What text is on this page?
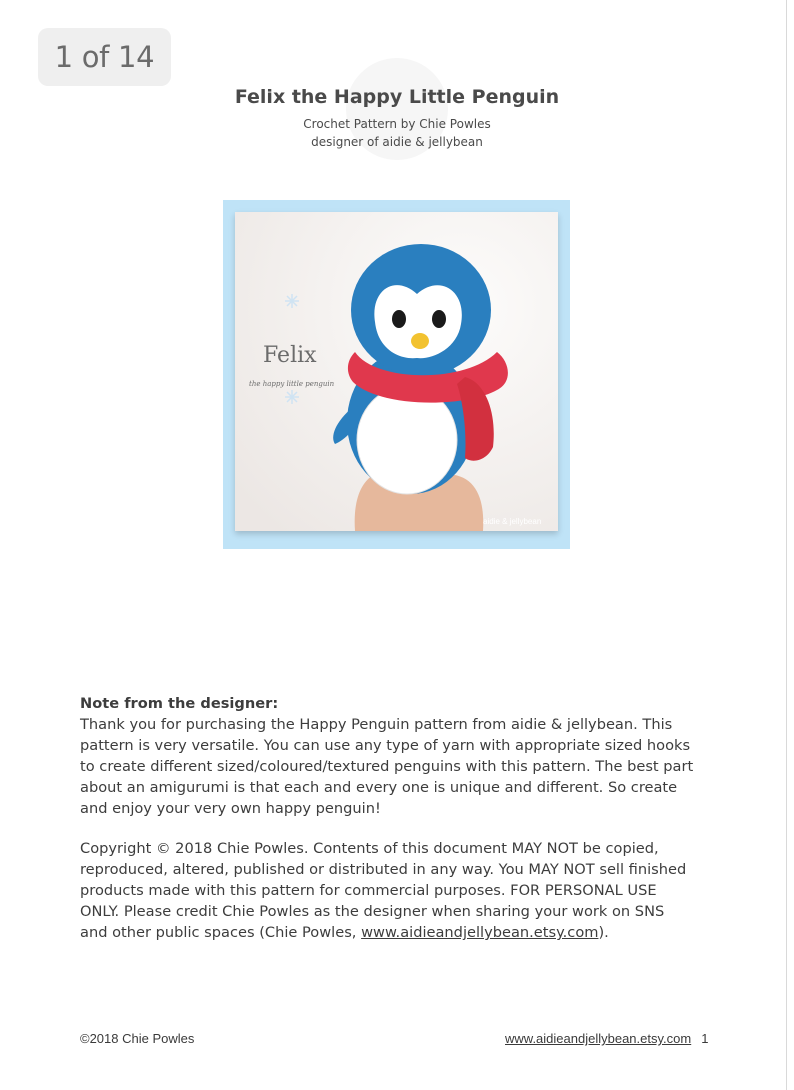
1 of 14
Felix the Happy Little Penguin
Crochet Pattern by Chie Powles
designer of aidie & jellybean
Felix
the happy little penguin
aidie & jellybean
Note from the designer:
Thank you for purchasing the Happy Penguin pattern from aidie & jellybean. This
pattern is very versatile. You can use any type of yarn with appropriate sized hooks
to create different sized/coloured/textured penguins with this pattern. The best part
about an amigurumi is that each and every one is unique and different. So create
and enjoy your very own happy penguin!
Copyright © 2018 Chie Powles. Contents of this document MAY NOT be copied,
reproduced, altered, published or distributed in any way. You MAY NOT sell finished
products made with this pattern for commercial purposes. FOR PERSONAL USE
ONLY. Please credit Chie Powles as the designer when sharing your work on SNS
and other public spaces (Chie Powles, www.aidieandjellybean.etsy.com).
©2018 Chie Powles	www.aidieandjellybean.etsy.com 1
